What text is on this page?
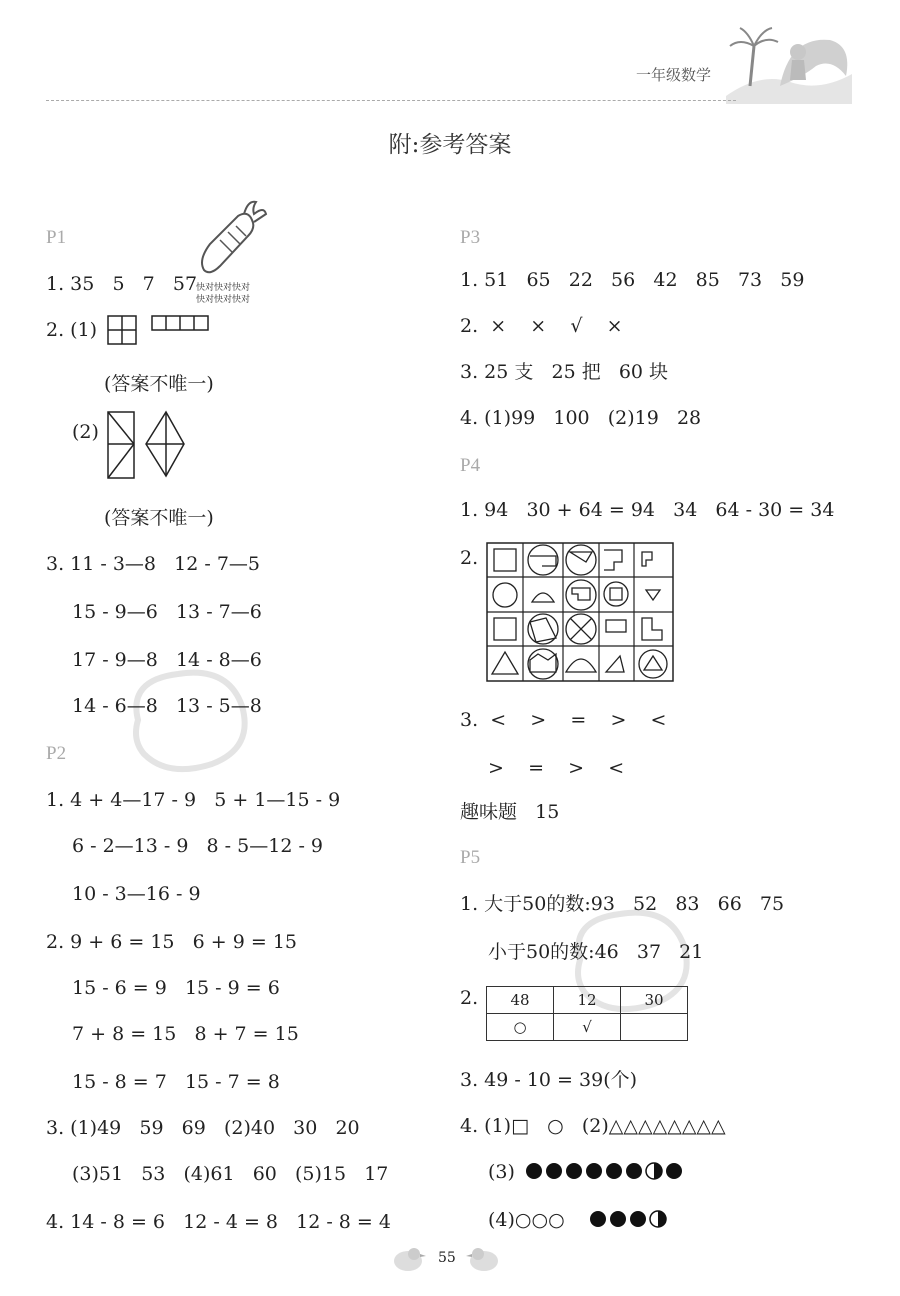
一年级数学
附:参考答案
快对快对快对
快对快对快对
P1
1. 35   5   7   57
2. (1)
(答案不唯一)
(2)
(答案不唯一)
3. 11 - 3—8   12 - 7—5
15 - 9—6   13 - 7—6
17 - 9—8   14 - 8—6
14 - 6—8   13 - 5—8
P2
1. 4 + 4—17 - 9   5 + 1—15 - 9
6 - 2—13 - 9   8 - 5—12 - 9
10 - 3—16 - 9
2. 9 + 6 = 15   6 + 9 = 15
15 - 6 = 9   15 - 9 = 6
7 + 8 = 15   8 + 7 = 15
15 - 8 = 7   15 - 7 = 8
3. (1)49   59   69   (2)40   30   20
(3)51   53   (4)61   60   (5)15   17
4. 14 - 8 = 6   12 - 4 = 8   12 - 8 = 4
P3
1. 51   65   22   56   42   85   73   59
2.  ×    ×    √    ×
3. 25 支   25 把   60 块
4. (1)99   100   (2)19   28
P4
1. 94   30 + 64 = 94   34   64 - 30 = 34
2.
3.  <    >    =    >    <
>    =    >    <
趣味题   15
P5
1. 大于50的数:93   52   83   66   75
小于50的数:46   37   21
2. 48	12	30
○	√	
3. 49 - 10 = 39(个)
4. (1)□   ○   (2)△△△△△△△△
(3)
(4)○○○
55
